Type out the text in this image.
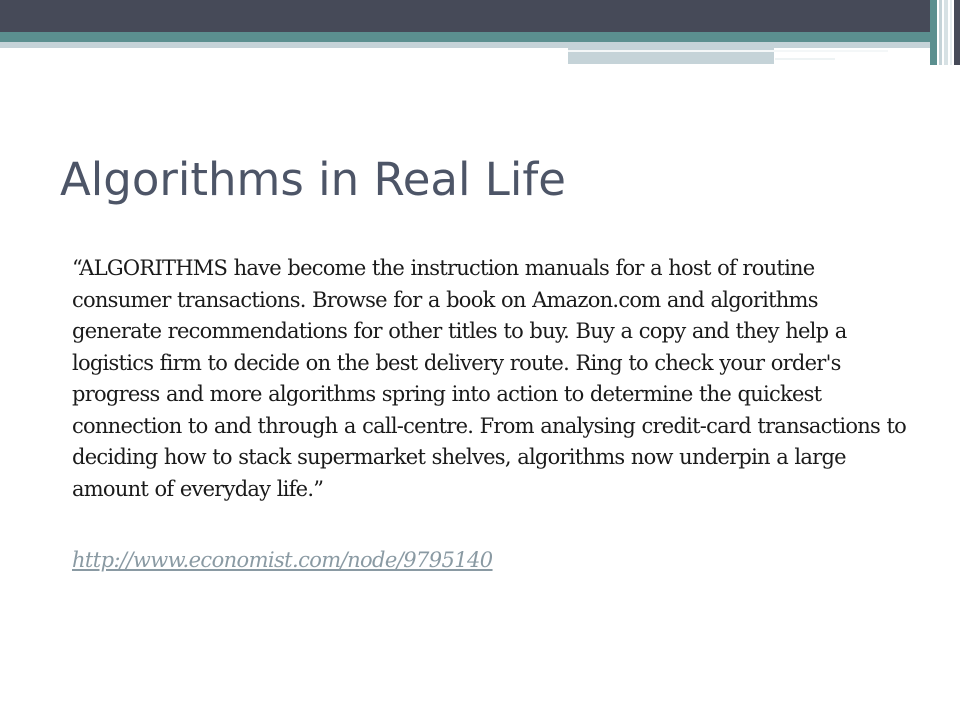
Algorithms in Real Life

“ALGORITHMS have become the instruction manuals for a host of routine consumer transactions. Browse for a book on Amazon.com and algorithms generate recommendations for other titles to buy. Buy a copy and they help a logistics firm to decide on the best delivery route. Ring to check your order's progress and more algorithms spring into action to determine the quickest connection to and through a call-centre. From analysing credit-card transactions to deciding how to stack supermarket shelves, algorithms now underpin a large amount of everyday life.”

http://www.economist.com/node/9795140
